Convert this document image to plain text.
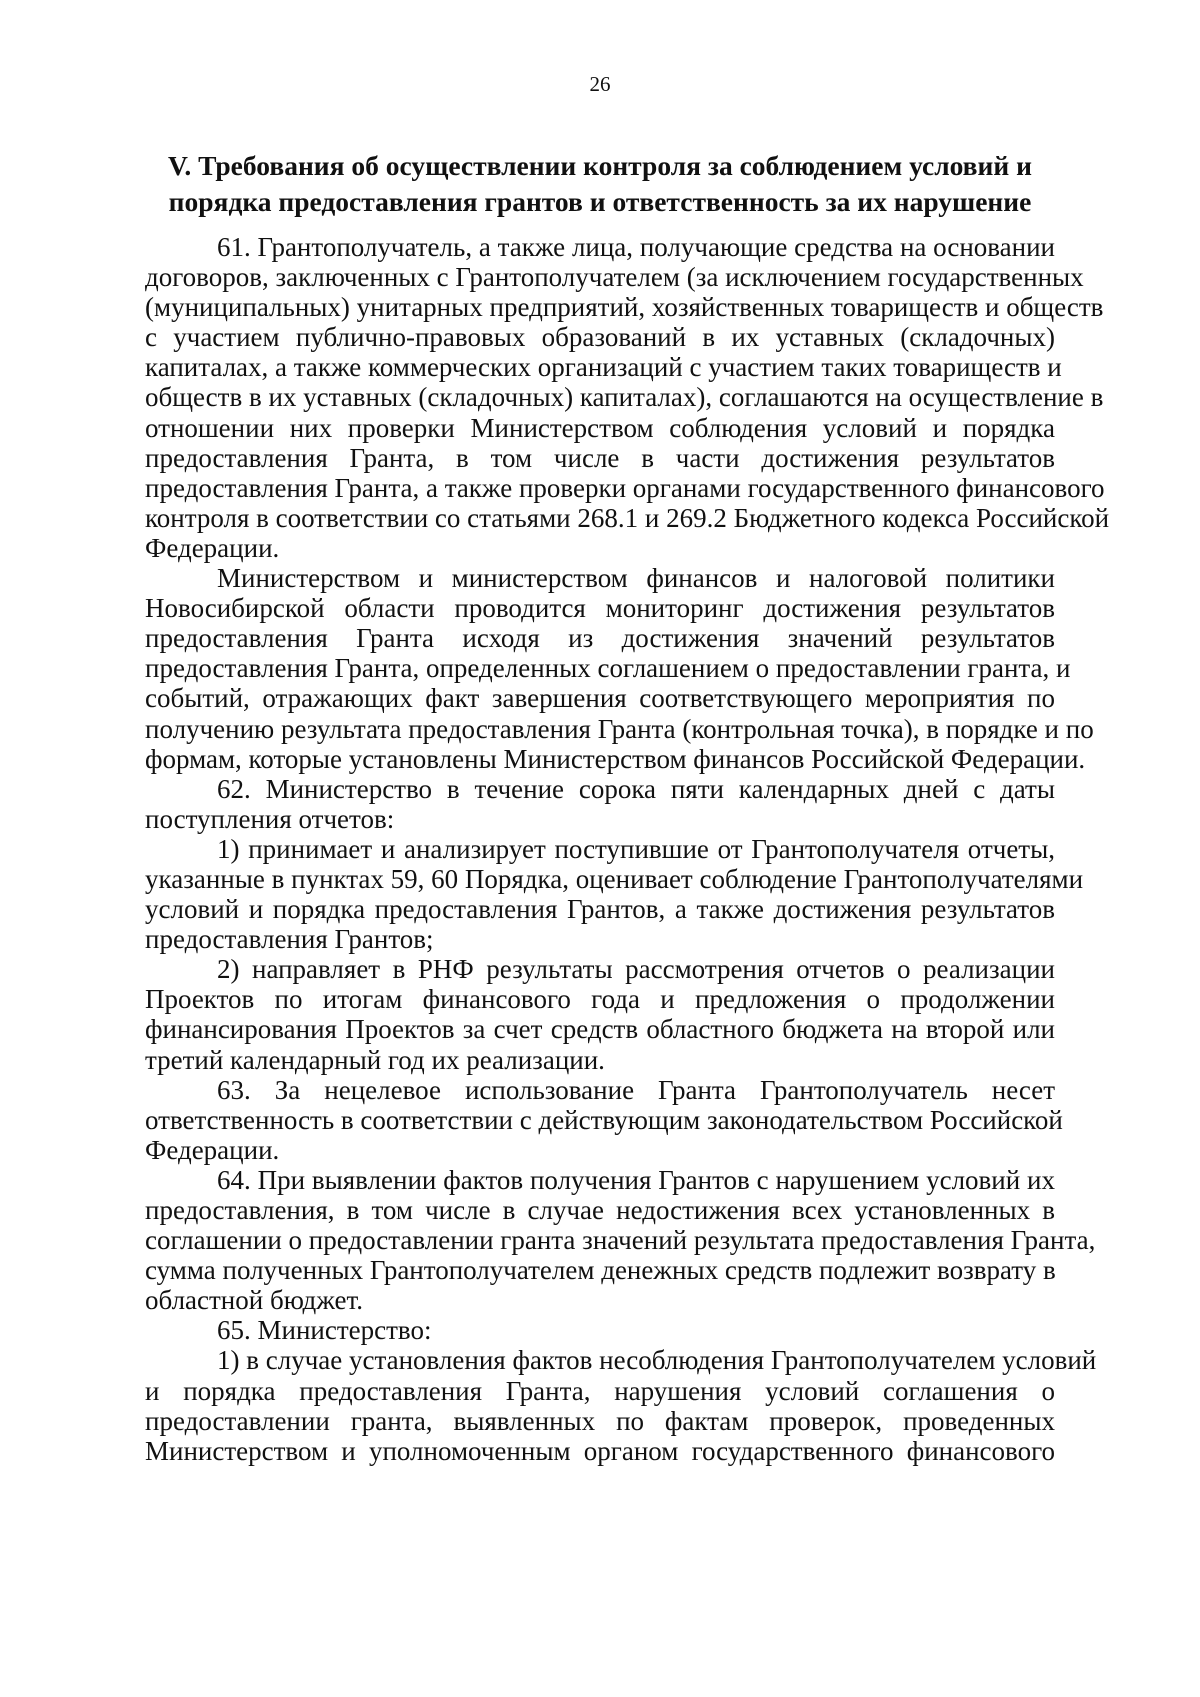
26
V. Требования об осуществлении контроля за соблюдением условий и
порядка предоставления грантов и ответственность за их нарушение
61. Грантополучатель, а также лица, получающие средства на основании
договоров, заключенных с Грантополучателем (за исключением государственных
(муниципальных) унитарных предприятий, хозяйственных товариществ и обществ
с участием публично-правовых образований в их уставных (складочных)
капиталах, а также коммерческих организаций с участием таких товариществ и
обществ в их уставных (складочных) капиталах), соглашаются на осуществление в
отношении них проверки Министерством соблюдения условий и порядка
предоставления Гранта, в том числе в части достижения результатов
предоставления Гранта, а также проверки органами государственного финансового
контроля в соответствии со статьями 268.1 и 269.2 Бюджетного кодекса Российской
Федерации.
Министерством и министерством финансов и налоговой политики
Новосибирской области проводится мониторинг достижения результатов
предоставления Гранта исходя из достижения значений результатов
предоставления Гранта, определенных соглашением о предоставлении гранта, и
событий, отражающих факт завершения соответствующего мероприятия по
получению результата предоставления Гранта (контрольная точка), в порядке и по
формам, которые установлены Министерством финансов Российской Федерации.
62. Министерство в течение сорока пяти календарных дней с даты
поступления отчетов:
1) принимает и анализирует поступившие от Грантополучателя отчеты,
указанные в пунктах 59, 60 Порядка, оценивает соблюдение Грантополучателями
условий и порядка предоставления Грантов, а также достижения результатов
предоставления Грантов;
2) направляет в РНФ результаты рассмотрения отчетов о реализации
Проектов по итогам финансового года и предложения о продолжении
финансирования Проектов за счет средств областного бюджета на второй или
третий календарный год их реализации.
63. За нецелевое использование Гранта Грантополучатель несет
ответственность в соответствии с действующим законодательством Российской
Федерации.
64. При выявлении фактов получения Грантов с нарушением условий их
предоставления, в том числе в случае недостижения всех установленных в
соглашении о предоставлении гранта значений результата предоставления Гранта,
сумма полученных Грантополучателем денежных средств подлежит возврату в
областной бюджет.
65. Министерство:
1) в случае установления фактов несоблюдения Грантополучателем условий
и порядка предоставления Гранта, нарушения условий соглашения о
предоставлении гранта, выявленных по фактам проверок, проведенных
Министерством и уполномоченным органом государственного финансового
